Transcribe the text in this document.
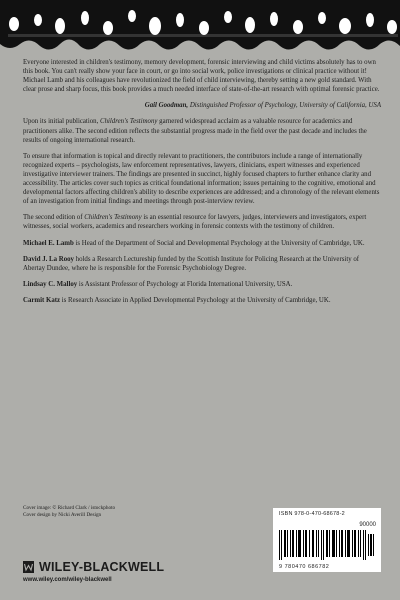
Everyone interested in children's testimony, memory development, forensic interviewing and child victims absolutely has to own this book. You can't really show your face in court, or go into social work, police investigations or clinical practice without it! Michael Lamb and his colleagues have revolutionized the field of child interviewing, thereby setting a new gold standard. With clear prose and sharp focus, this book provides a much needed interface of state-of-the-art research with optimal forensic practice.

Gail Goodman, Distinguished Professor of Psychology, University of California, USA

Upon its initial publication, Children's Testimony garnered widespread acclaim as a valuable resource for academics and practitioners alike. The second edition reflects the substantial progress made in the field over the past decade and includes the results of ongoing international research.

To ensure that information is topical and directly relevant to practitioners, the contributors include a range of internationally recognized experts – psychologists, law enforcement representatives, lawyers, clinicians, expert witnesses and experienced investigative interviewer trainers. The findings are presented in succinct, highly focused chapters to further enhance clarity and accessibility. The articles cover such topics as critical foundational information; issues pertaining to the cognitive, emotional and developmental factors affecting children's ability to describe experiences are addressed; and a chronology of the relevant elements of an investigation from initial findings and meetings through post-interview review.

The second edition of Children's Testimony is an essential resource for lawyers, judges, interviewers and investigators, expert witnesses, social workers, academics and researchers working in forensic contexts with the testimony of children.

Michael E. Lamb is Head of the Department of Social and Developmental Psychology at the University of Cambridge, UK.

David J. La Rooy holds a Research Lectureship funded by the Scottish Institute for Policing Research at the University of Abertay Dundee, where he is responsible for the Forensic Psychobiology Degree.

Lindsay C. Malloy is Assistant Professor of Psychology at Florida International University, USA.

Carmit Katz is Research Associate in Applied Developmental Psychology at the University of Cambridge, UK.

Cover image: © Richard Clark / istockphoto
Cover design by Nicki Averill Design	ISBN 978-0-470-68678-2
90000
9 780470 686782
WILEY-BLACKWELL
www.wiley.com/wiley-blackwell
